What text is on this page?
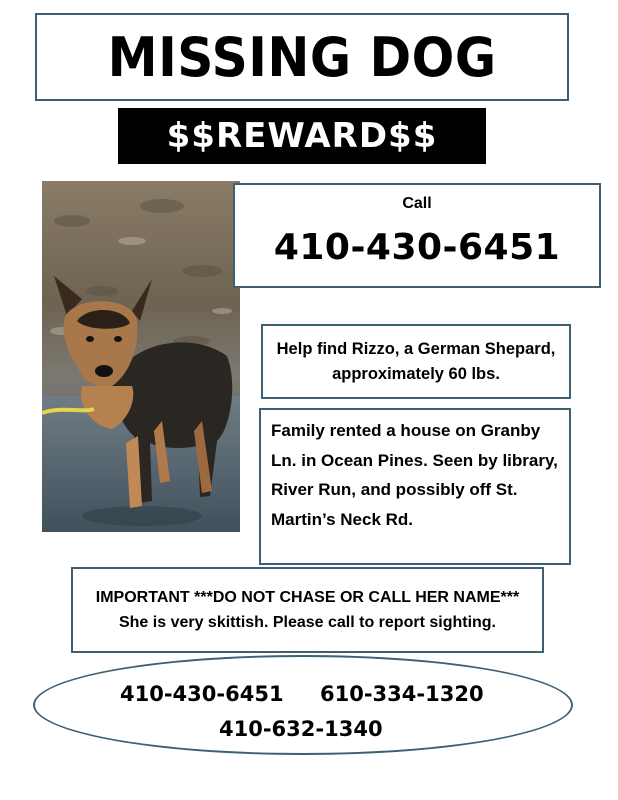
MISSING DOG
$$REWARD$$
Call
410-430-6451
Help find Rizzo, a German Shepard, approximately 60 lbs.
Family rented a house on Granby Ln. in Ocean Pines. Seen by library, River Run, and possibly off St. Martin’s Neck Rd.
IMPORTANT ***DO NOT CHASE OR CALL HER NAME*** She is very skittish. Please call to report sighting.
410-430-6451 610-334-1320
410-632-1340
